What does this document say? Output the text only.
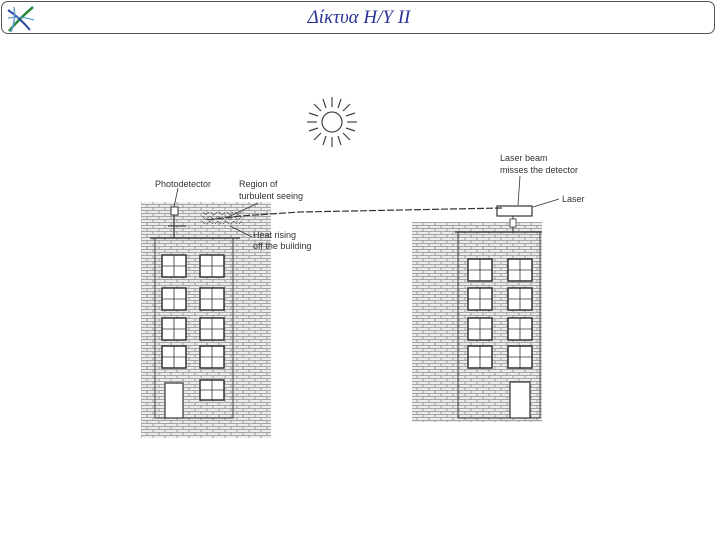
Δίκτυα Η/Υ ΙΙ
Photodetector	Region of
turbulent seeing
Heat rising
off the building
Laser beam
misses the detector
Laser
